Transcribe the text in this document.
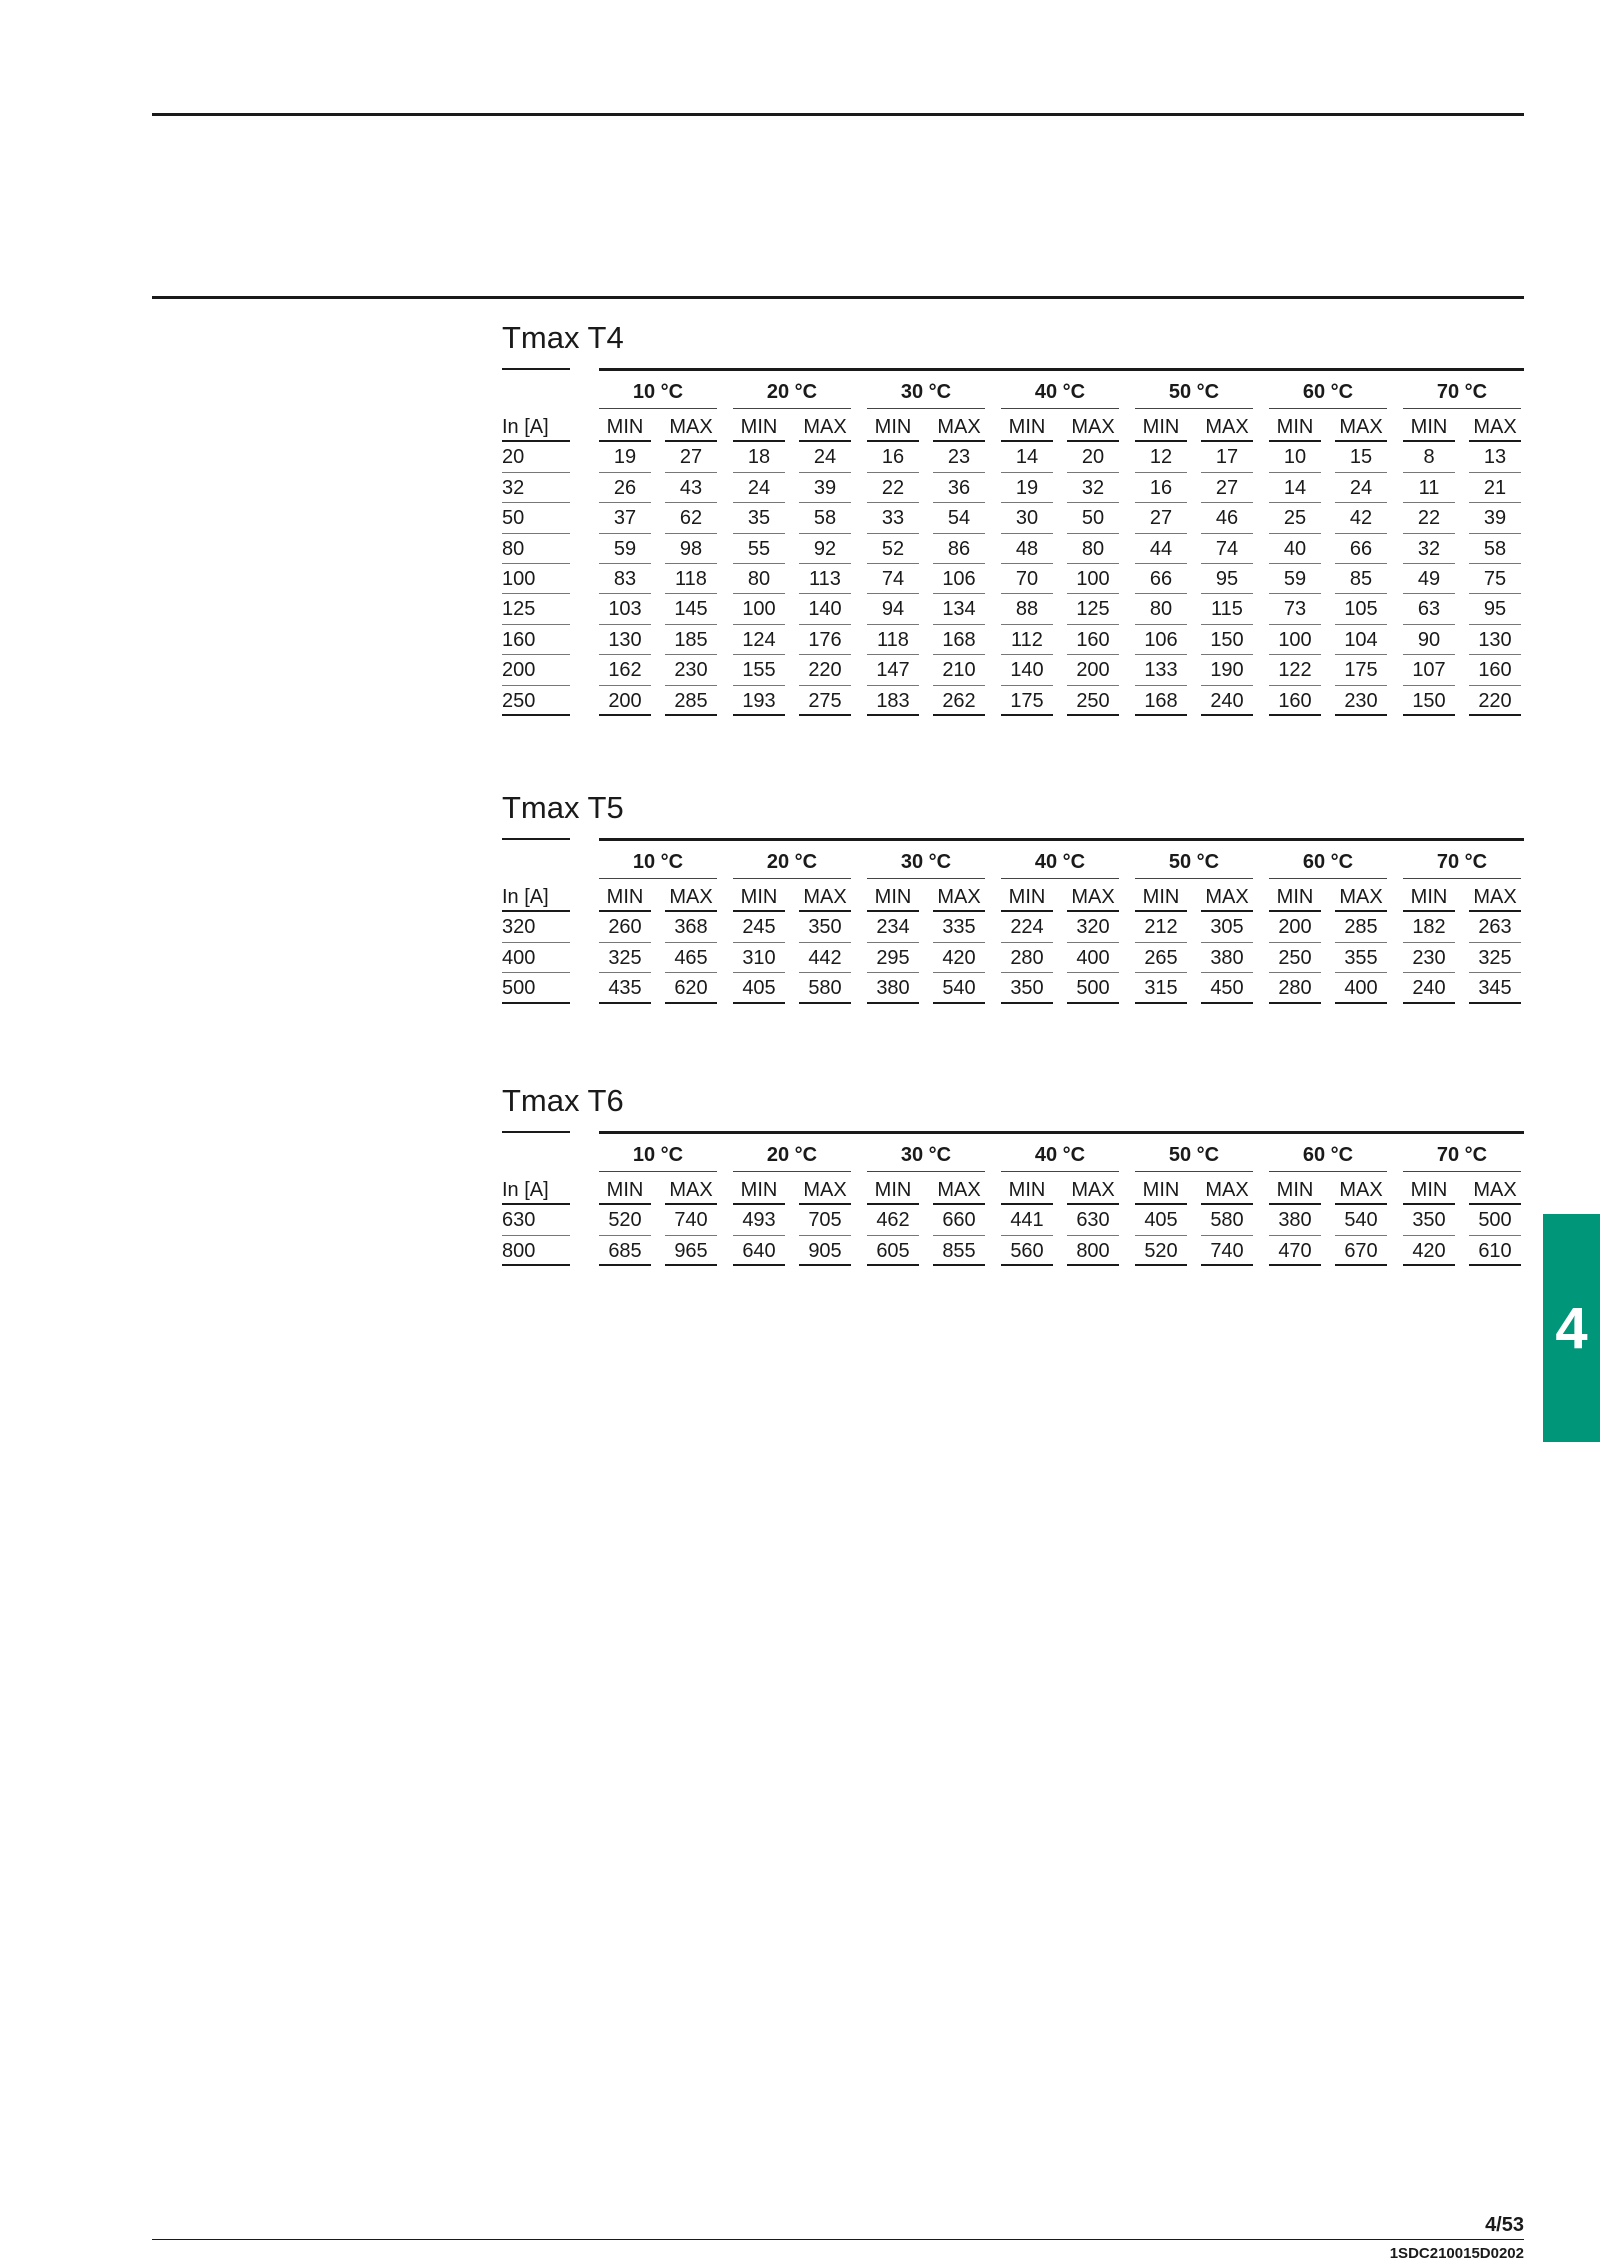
Tmax T4
10 °C	20 °C	30 °C	40 °C	50 °C	60 °C	70 °C
In [A]	MIN	MAX	MIN	MAX	MIN	MAX	MIN	MAX	MIN	MAX	MIN	MAX	MIN	MAX
20	19	27	18	24	16	23	14	20	12	17	10	15	8	13
32	26	43	24	39	22	36	19	32	16	27	14	24	11	21
50	37	62	35	58	33	54	30	50	27	46	25	42	22	39
80	59	98	55	92	52	86	48	80	44	74	40	66	32	58
100	83	118	80	113	74	106	70	100	66	95	59	85	49	75
125	103	145	100	140	94	134	88	125	80	115	73	105	63	95
160	130	185	124	176	118	168	112	160	106	150	100	104	90	130
200	162	230	155	220	147	210	140	200	133	190	122	175	107	160
250	200	285	193	275	183	262	175	250	168	240	160	230	150	220
Tmax T5
10 °C	20 °C	30 °C	40 °C	50 °C	60 °C	70 °C
In [A]	MIN	MAX	MIN	MAX	MIN	MAX	MIN	MAX	MIN	MAX	MIN	MAX	MIN	MAX
320	260	368	245	350	234	335	224	320	212	305	200	285	182	263
400	325	465	310	442	295	420	280	400	265	380	250	355	230	325
500	435	620	405	580	380	540	350	500	315	450	280	400	240	345
Tmax T6
10 °C	20 °C	30 °C	40 °C	50 °C	60 °C	70 °C
In [A]	MIN	MAX	MIN	MAX	MIN	MAX	MIN	MAX	MIN	MAX	MIN	MAX	MIN	MAX
630	520	740	493	705	462	660	441	630	405	580	380	540	350	500
800	685	965	640	905	605	855	560	800	520	740	470	670	420	610
4
4/53
1SDC210015D0202
